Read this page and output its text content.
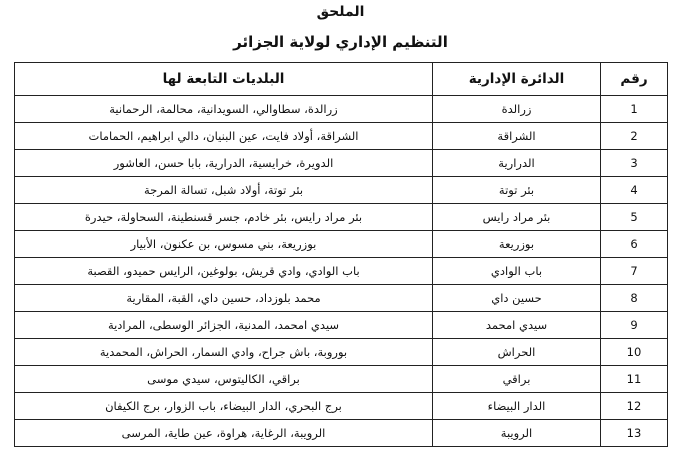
الملحق
التنظيم الإداري لولاية الجزائر
رقم	الدائرة الإدارية	البلديات التابعة لها
1	زرالدة	زرالدة، سطاوالي، السويدانية، محالمة، الرحمانية
2	الشراقة	الشراقة، أولاد فايت، عين البنيان، دالي ابراهيم، الحمامات
3	الدرارية	الدويرة، خرايسية، الدرارية، بابا حسن، العاشور
4	بئر توتة	بئر توتة، أولاد شبل، تسالة المرجة
5	بئر مراد رايس	بئر مراد رايس، بئر خادم، جسر قسنطينة، السحاولة، حيدرة
6	بوزريعة	بوزريعة، بني مسوس، بن عكنون، الأبيار
7	باب الوادي	باب الوادي، وادي قريش، بولوغين، الرايس حميدو، القصبة
8	حسين داي	محمد بلوزداد، حسين داي، القبة، المقارية
9	سيدي امحمد	سيدي امحمد، المدنية، الجزائر الوسطى، المرادية
10	الحراش	بوروبة، باش جراح، وادي السمار، الحراش، المحمدية
11	براقي	براقي، الكاليتوس، سيدي موسى
12	الدار البيضاء	برج البحري، الدار البيضاء، باب الزوار، برج الكيفان
13	الرويبة	الرويبة، الرغاية، هراوة، عين طاية، المرسى
